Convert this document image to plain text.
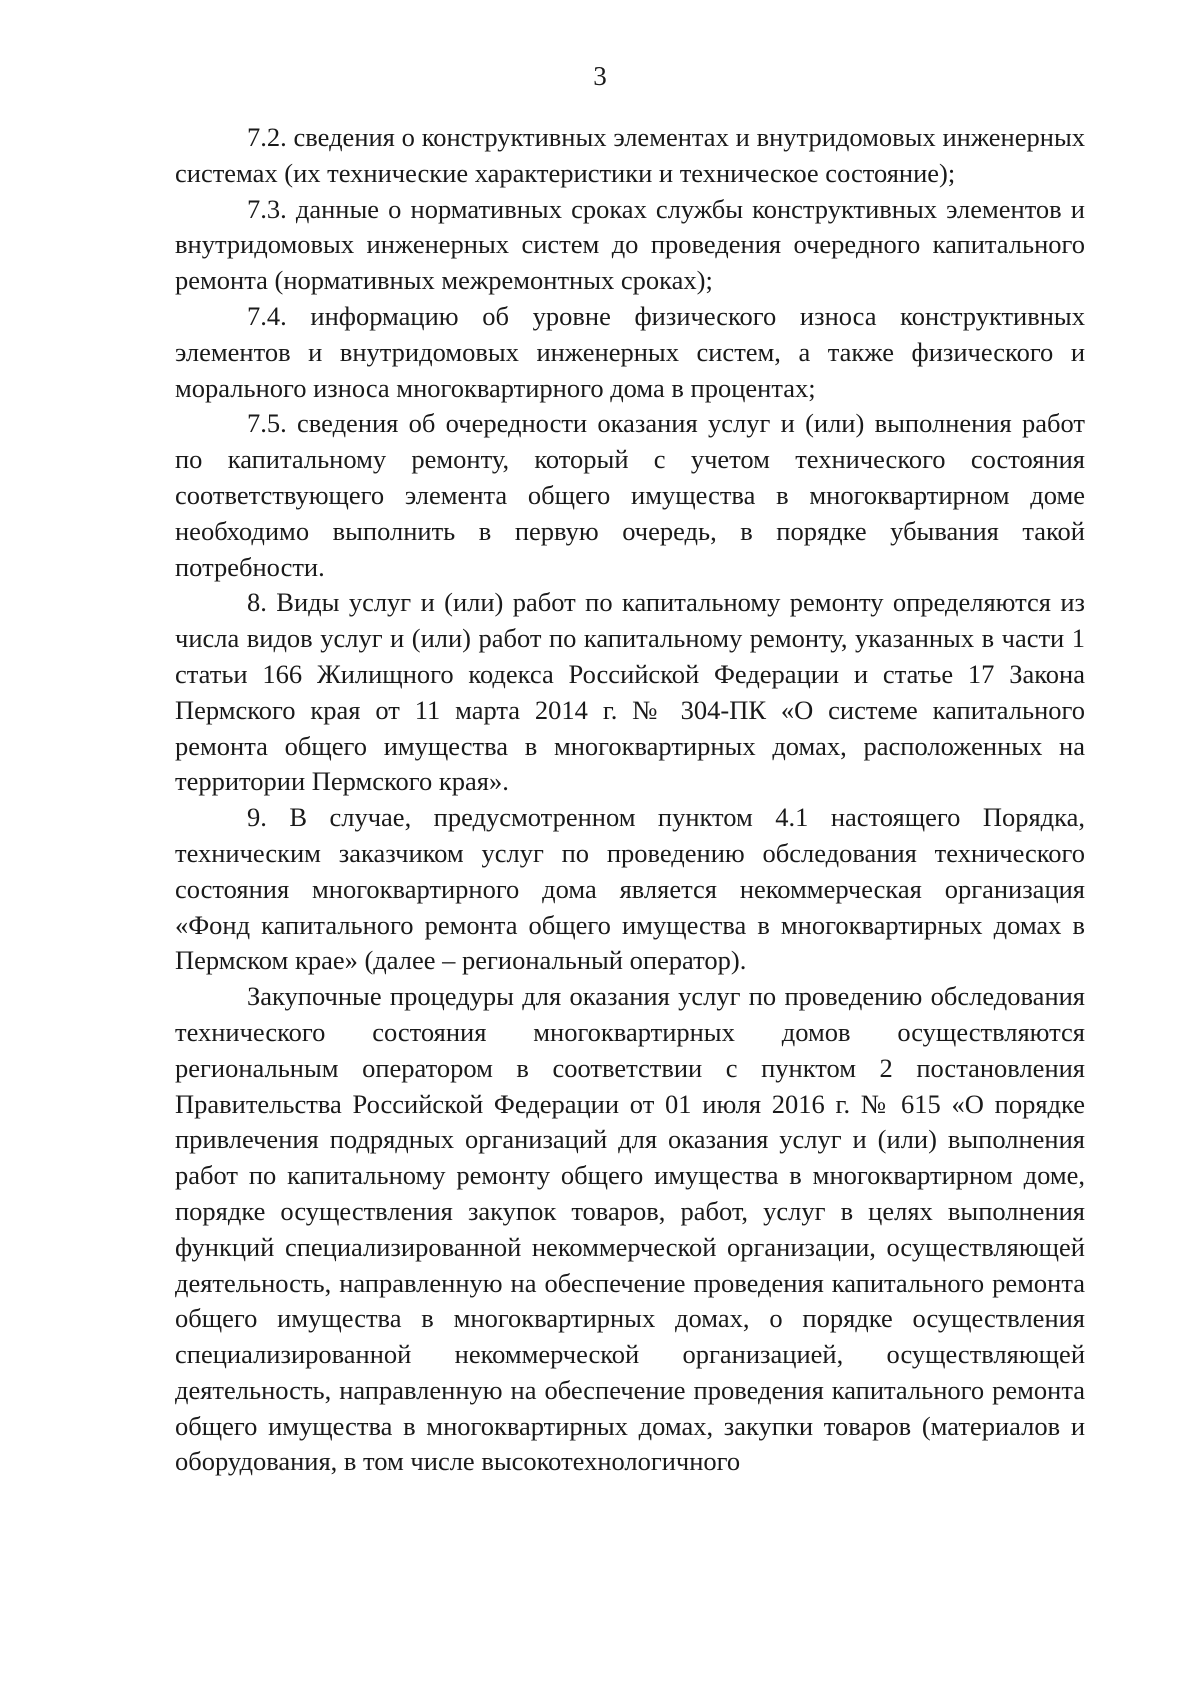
3

7.2. сведения о конструктивных элементах и внутридомовых инженерных системах (их технические характеристики и техническое состояние);

7.3. данные о нормативных сроках службы конструктивных элементов и внутридомовых инженерных систем до проведения очередного капитального ремонта (нормативных межремонтных сроках);

7.4. информацию об уровне физического износа конструктивных элементов и внутридомовых инженерных систем, а также физического и морального износа многоквартирного дома в процентах;

7.5. сведения об очередности оказания услуг и (или) выполнения работ по капитальному ремонту, который с учетом технического состояния соответствующего элемента общего имущества в многоквартирном доме необходимо выполнить в первую очередь, в порядке убывания такой потребности.

8. Виды услуг и (или) работ по капитальному ремонту определяются из числа видов услуг и (или) работ по капитальному ремонту, указанных в части 1 статьи 166 Жилищного кодекса Российской Федерации и статье 17 Закона Пермского края от 11 марта 2014 г. № 304-ПК «О системе капитального ремонта общего имущества в многоквартирных домах, расположенных на территории Пермского края».

9. В случае, предусмотренном пунктом 4.1 настоящего Порядка, техническим заказчиком услуг по проведению обследования технического состояния многоквартирного дома является некоммерческая организация «Фонд капитального ремонта общего имущества в многоквартирных домах в Пермском крае» (далее – региональный оператор).

Закупочные процедуры для оказания услуг по проведению обследования технического состояния многоквартирных домов осуществляются региональным оператором в соответствии с пунктом 2 постановления Правительства Российской Федерации от 01 июля 2016 г. № 615 «О порядке привлечения подрядных организаций для оказания услуг и (или) выполнения работ по капитальному ремонту общего имущества в многоквартирном доме, порядке осуществления закупок товаров, работ, услуг в целях выполнения функций специализированной некоммерческой организации, осуществляющей деятельность, направленную на обеспечение проведения капитального ремонта общего имущества в многоквартирных домах, о порядке осуществления специализированной некоммерческой организацией, осуществляющей деятельность, направленную на обеспечение проведения капитального ремонта общего имущества в многоквартирных домах, закупки товаров (материалов и оборудования, в том числе высокотехнологичного
